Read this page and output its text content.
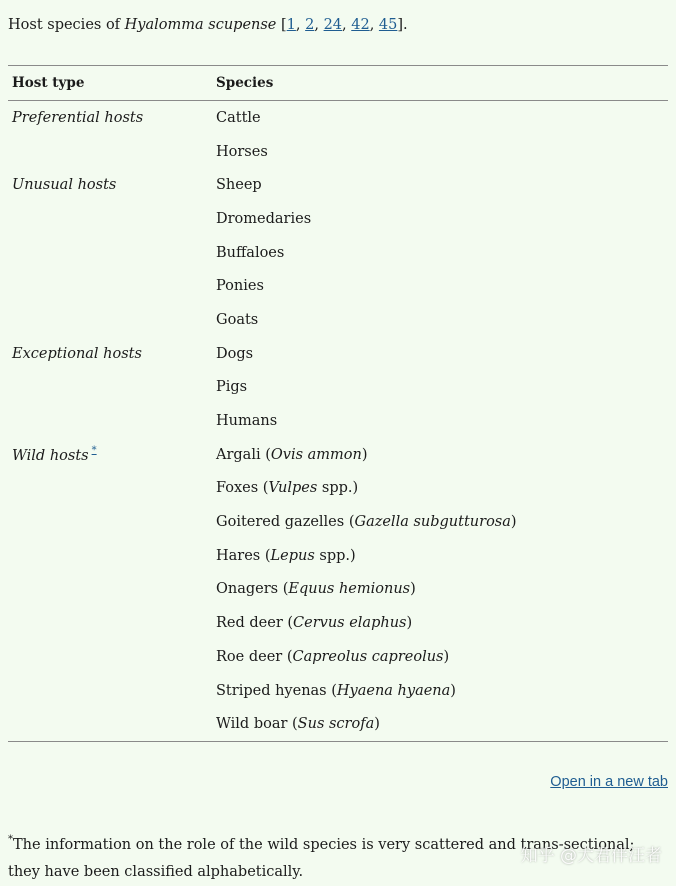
Host species of Hyalomma scupense [1, 2, 24, 42, 45].
Host type	Species
Preferential hosts	Cattle
	Horses
Unusual hosts	Sheep
	Dromedaries
	Buffaloes
	Ponies
	Goats
Exceptional hosts	Dogs
	Pigs
	Humans
Wild hosts *	Argali (Ovis ammon)
	Foxes (Vulpes spp.)
	Goitered gazelles (Gazella subgutturosa)
	Hares (Lepus spp.)
	Onagers (Equus hemionus)
	Red deer (Cervus elaphus)
	Roe deer (Capreolus capreolus)
	Striped hyenas (Hyaena hyaena)
	Wild boar (Sus scrofa)
Open in a new tab
*The information on the role of the wild species is very scattered and trans-sectional; they have been classified alphabetically.
知乎 @犬君伴汪者
